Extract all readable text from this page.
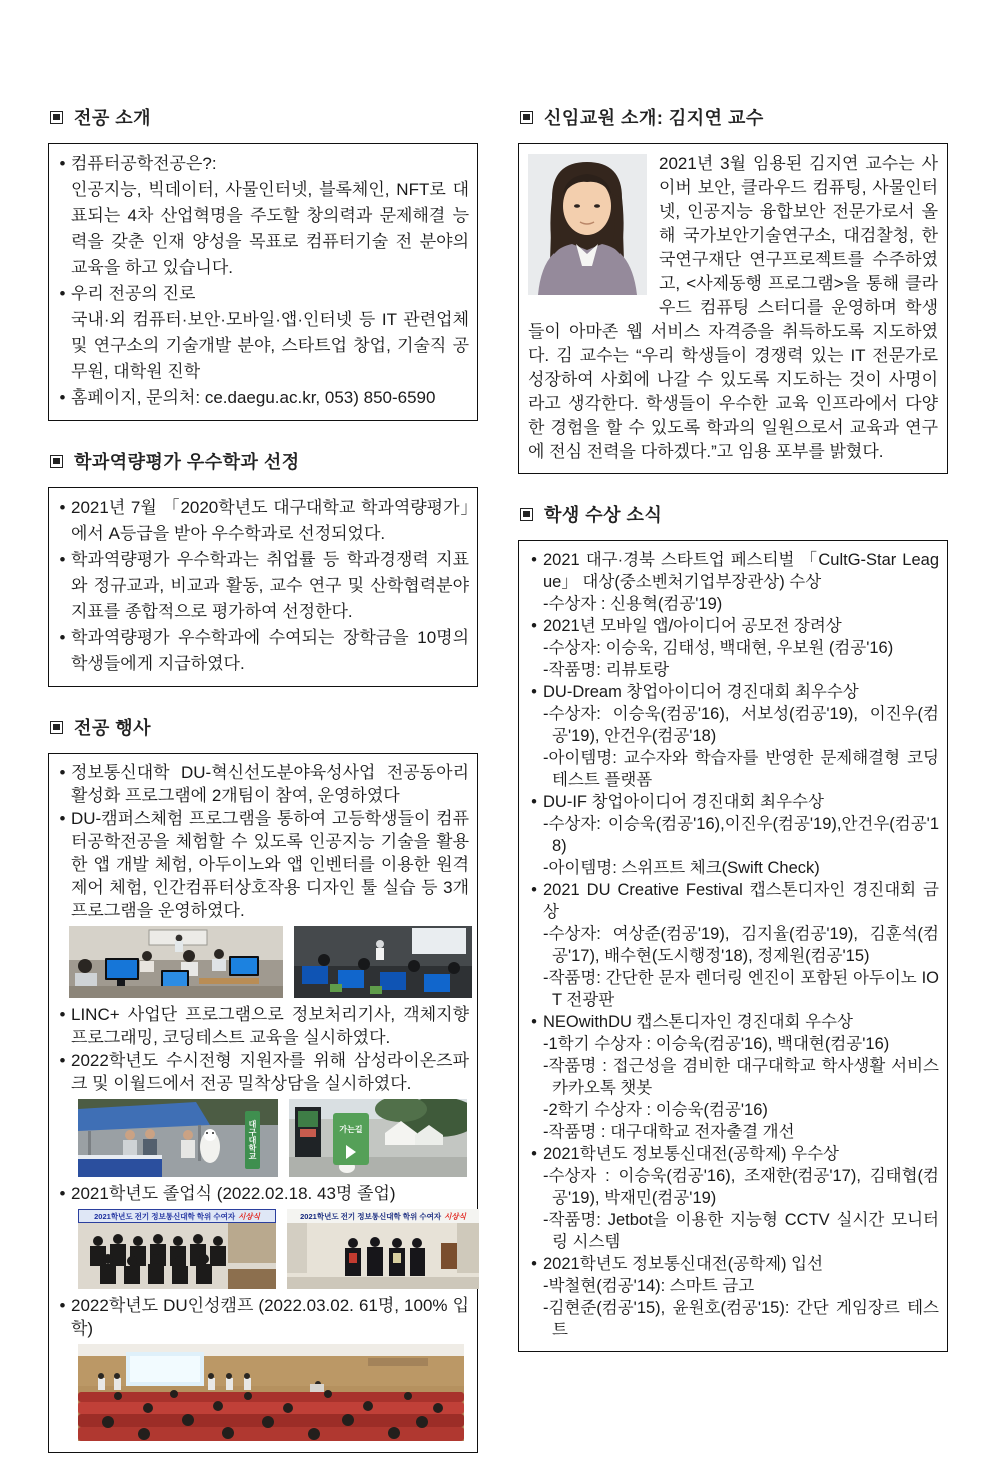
전공 소개
• 컴퓨터공학전공은?:
인공지능, 빅데이터, 사물인터넷, 블록체인, NFT로 대표되는 4차 산업혁명을 주도할 창의력과 문제해결 능력을 갖춘 인재 양성을 목표로 컴퓨터기술 전 분야의 교육을 하고 있습니다.
• 우리 전공의 진로
국내·외 컴퓨터·보안·모바일·앱·인터넷 등 IT 관련업체 및 연구소의 기술개발 분야, 스타트업 창업, 기술직 공무원, 대학원 진학
• 홈페이지, 문의처: ce.daegu.ac.kr, 053) 850-6590
학과역량평가 우수학과 선정
• 2021년 7월 「2020학년도 대구대학교 학과역량평가」에서 A등급을 받아 우수학과로 선정되었다.
• 학과역량평가 우수학과는 취업률 등 학과경쟁력 지표와 정규교과, 비교과 활동, 교수 연구 및 산학협력분야 지표를 종합적으로 평가하여 선정한다.
• 학과역량평가 우수학과에 수여되는 장학금을 10명의 학생들에게 지급하였다.
전공 행사
• 정보통신대학 DU-혁신선도분야육성사업 전공동아리 활성화 프로그램에 2개팀이 참여, 운영하였다
• DU-캠퍼스체험 프로그램을 통하여 고등학생들이 컴퓨터공학전공을 체험할 수 있도록 인공지능 기술을 활용한 앱 개발 체험, 아두이노와 앱 인벤터를 이용한 원격 제어 체험, 인간컴퓨터상호작용 디자인 툴 실습 등 3개 프로그램을 운영하였다.
• LINC+ 사업단 프로그램으로 정보처리기사, 객체지향 프로그래밍, 코딩테스트 교육을 실시하였다.
• 2022학년도 수시전형 지원자를 위해 삼성라이온즈파크 및 이월드에서 전공 밀착상담을 실시하였다.
대구대학교	가는길
• 2021학년도 졸업식 (2022.02.18. 43명 졸업)
2021학년도 전기 정보통신대학 학위 수여자 시상식	2021학년도 전기 정보통신대학 학위 수여자 시상식
• 2022학년도 DU인성캠프 (2022.03.02. 61명, 100% 입학)
신임교원 소개: 김지연 교수
2021년 3월 임용된 김지연 교수는 사이버 보안, 클라우드 컴퓨팅, 사물인터넷, 인공지능 융합보안 전문가로서 올해 국가보안기술연구소, 대검찰청, 한국연구재단 연구프로젝트를 수주하였고, <사제동행 프로그램>을 통해 클라우드 컴퓨팅 스터디를 운영하며 학생들이 아마존 웹 서비스 자격증을 취득하도록 지도하였다. 김 교수는 “우리 학생들이 경쟁력 있는 IT 전문가로 성장하여 사회에 나갈 수 있도록 지도하는 것이 사명이라고 생각한다. 학생들이 우수한 교육 인프라에서 다양한 경험을 할 수 있도록 학과의 일원으로서 교육과 연구에 전심 전력을 다하겠다.”고 임용 포부를 밝혔다.
학생 수상 소식
• 2021 대구·경북 스타트업 페스티벌 「CultG-Star League」 대상(중소벤처기업부장관상) 수상
-수상자 : 신용혁(컴공'19)
• 2021년 모바일 앱/아이디어 공모전 장려상
-수상자: 이승욱, 김태성, 백대현, 우보원 (컴공'16)
-작품명: 리뷰토랑
• DU-Dream 창업아이디어 경진대회 최우수상
-수상자: 이승욱(컴공'16), 서보성(컴공'19), 이진우(컴공'19), 안건우(컴공'18)
-아이템명: 교수자와 학습자를 반영한 문제해결형 코딩테스트 플랫폼
• DU-IF 창업아이디어 경진대회 최우수상
-수상자: 이승욱(컴공'16),이진우(컴공'19),안건우(컴공'18)
-아이템명: 스위프트 체크(Swift Check)
• 2021 DU Creative Festival 캡스톤디자인 경진대회 금상
-수상자: 여상준(컴공'19), 김지율(컴공'19), 김훈석(컴공'17), 배수현(도시행정'18), 정제원(컴공'15)
-작품명: 간단한 문자 렌더링 엔진이 포함된 아두이노 IOT 전광판
• NEOwithDU 캡스톤디자인 경진대회 우수상
-1학기 수상자 : 이승욱(컴공'16), 백대현(컴공'16)
-작품명 : 접근성을 겸비한 대구대학교 학사생활 서비스 카카오톡 챗봇
-2학기 수상자 : 이승욱(컴공'16)
-작품명 : 대구대학교 전자출결 개선
• 2021학년도 정보통신대전(공학제) 우수상
-수상자 : 이승욱(컴공'16), 조재한(컴공'17), 김태협(컴공'19), 박재민(컴공'19)
-작품명: Jetbot을 이용한 지능형 CCTV 실시간 모니터링 시스템
• 2021학년도 정보통신대전(공학제) 입선
-박철현(컴공'14): 스마트 금고
-김현준(컴공'15), 윤원호(컴공'15): 간단 게임장르 테스트
